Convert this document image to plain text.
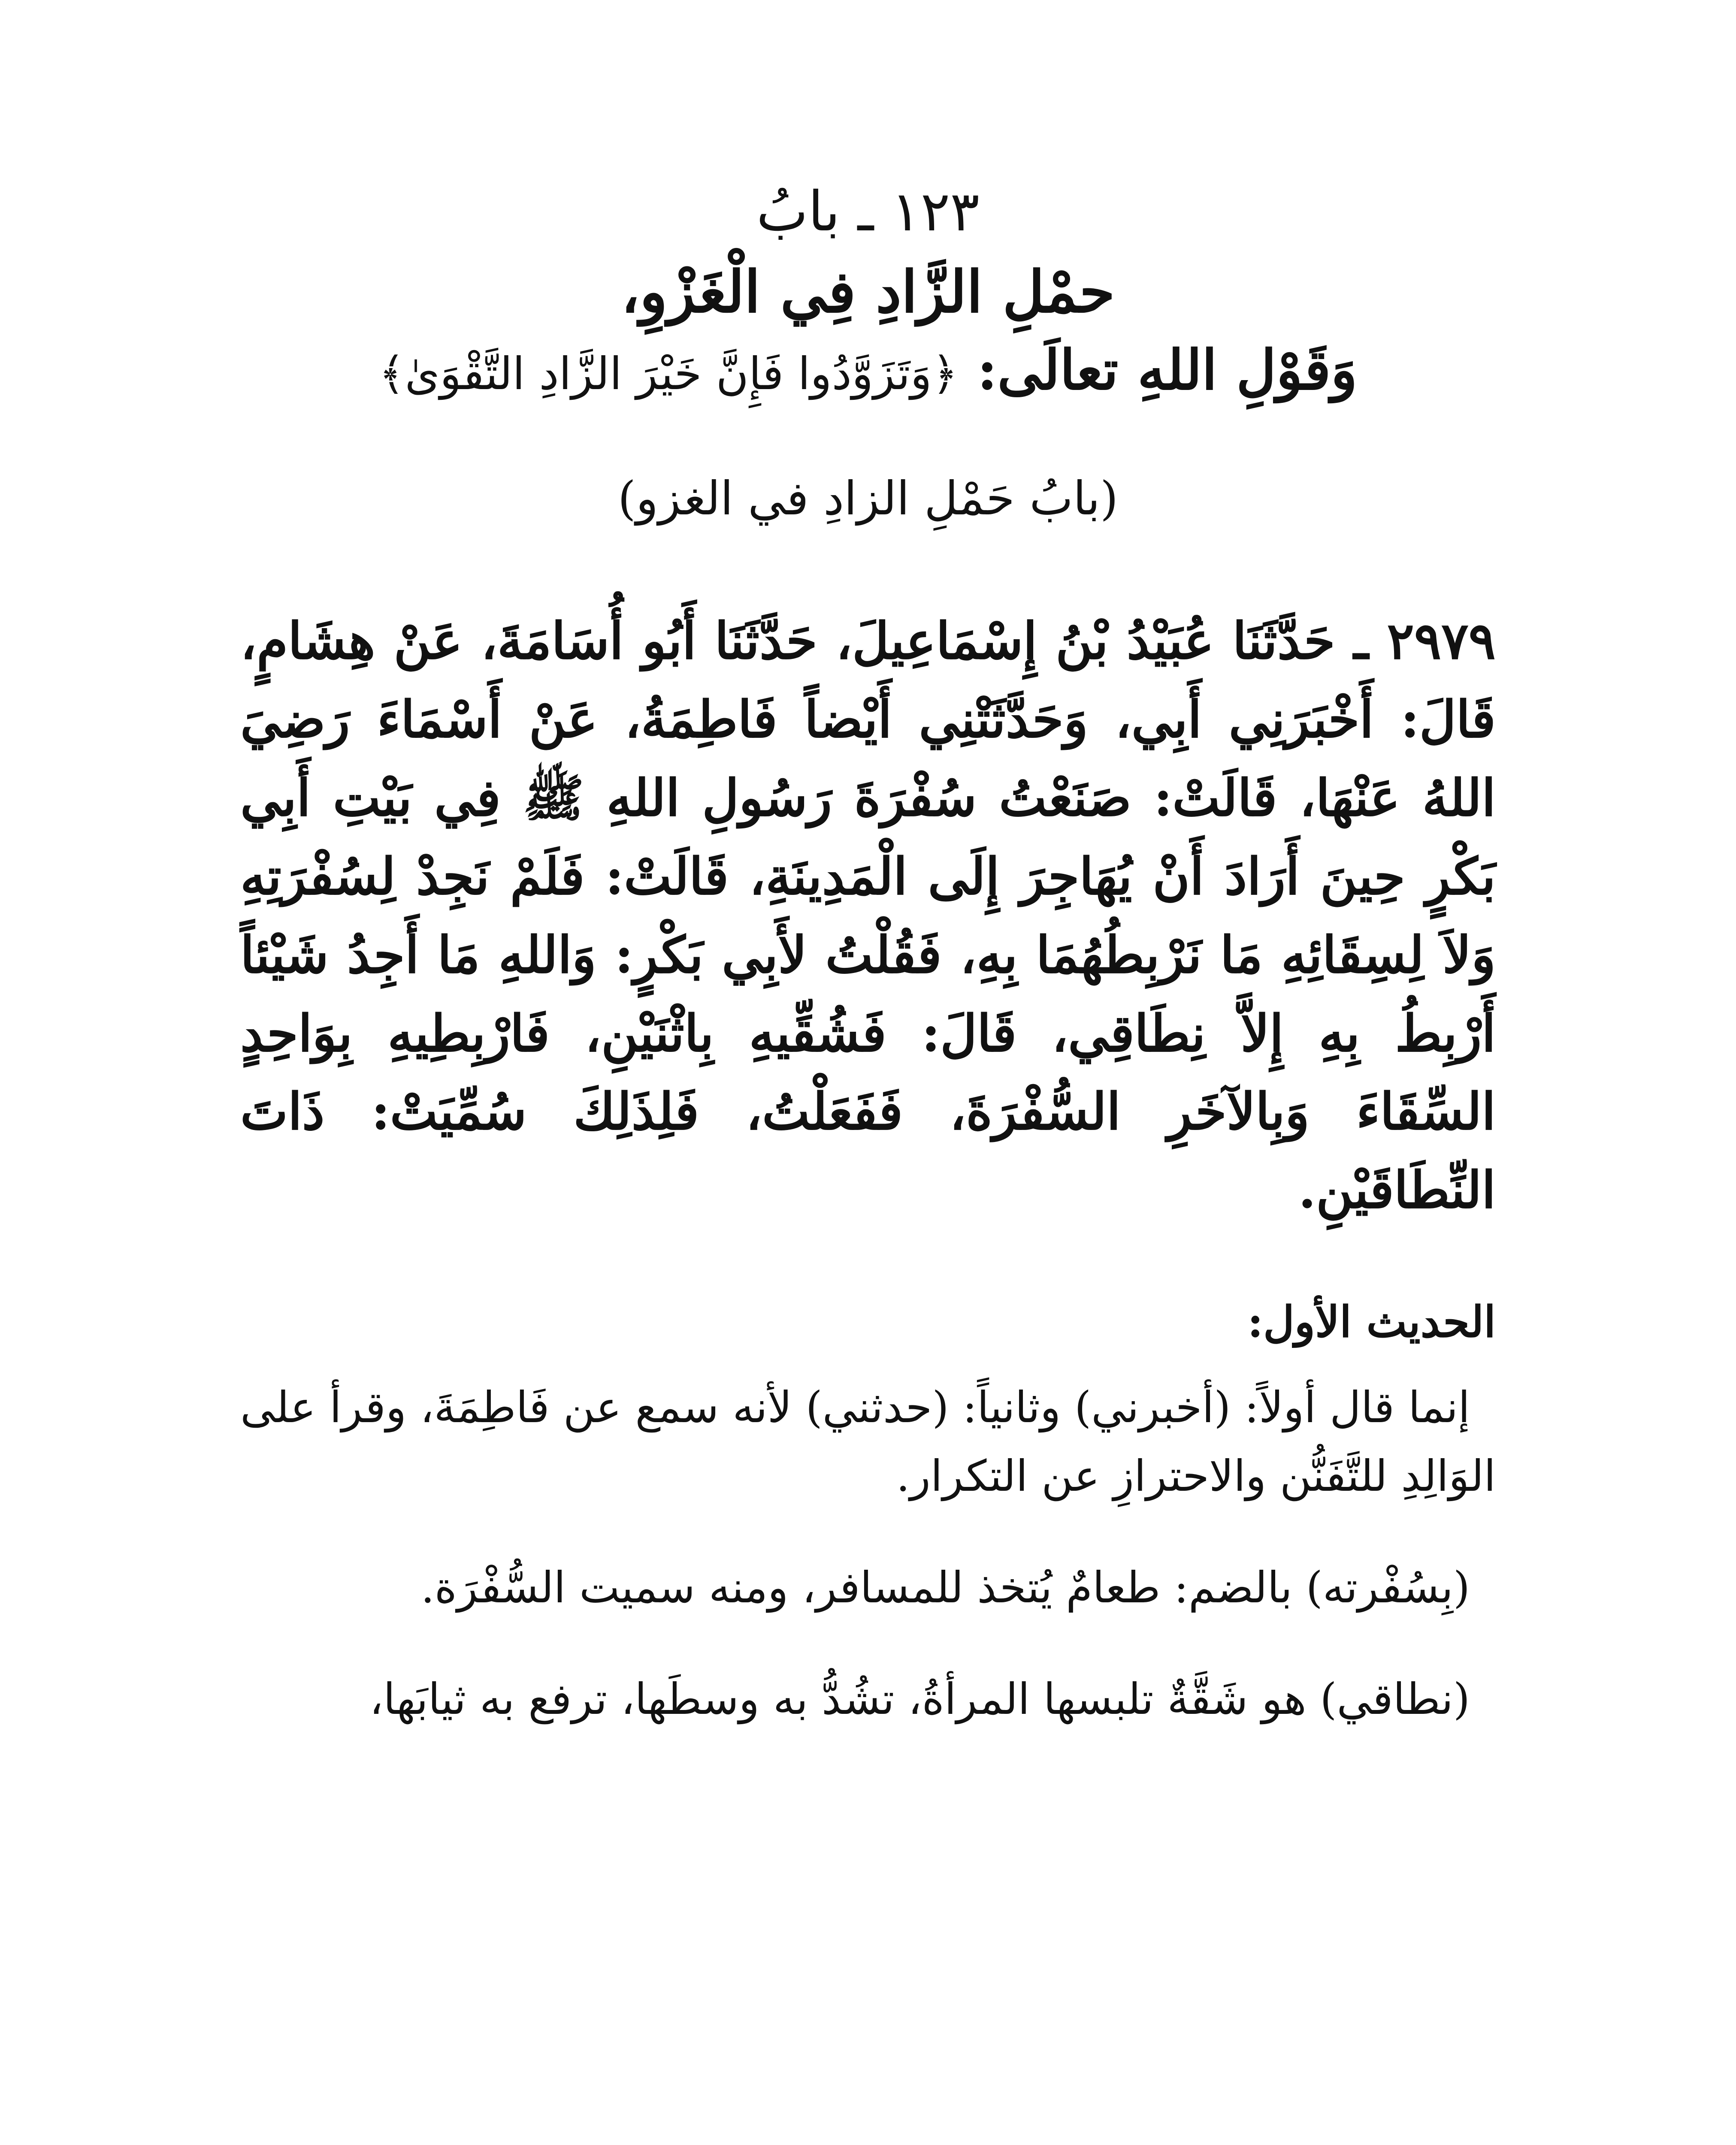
١٢٣ ـ بابُ
حمْلِ الزَّادِ فِي الْغَزْوِ،
وَقَوْلِ اللهِ تعالَى: ﴿وَتَزَوَّدُوا فَإِنَّ خَيْرَ الزَّادِ التَّقْوَىٰ﴾
(بابُ حَمْلِ الزادِ في الغزو)

٢٩٧٩ ـ حَدَّثَنَا عُبَيْدُ بْنُ إِسْمَاعِيلَ، حَدَّثَنَا أَبُو أُسَامَةَ، عَنْ هِشَامٍ، قَالَ: أَخْبَرَنِي أَبِي، وَحَدَّثَتْنِي أَيْضاً فَاطِمَةُ، عَنْ أَسْمَاءَ رَضِيَ اللهُ عَنْهَا، قَالَتْ: صَنَعْتُ سُفْرَةَ رَسُولِ اللهِ ﷺ فِي بَيْتِ أَبِي بَكْرٍ حِينَ أَرَادَ أَنْ يُهَاجِرَ إِلَى الْمَدِينَةِ، قَالَتْ: فَلَمْ نَجِدْ لِسُفْرَتِهِ وَلاَ لِسِقَائِهِ مَا نَرْبِطُهُمَا بِهِ، فَقُلْتُ لأَبِي بَكْرٍ: وَاللهِ مَا أَجِدُ شَيْئاً أَرْبِطُ بِهِ إِلاَّ نِطَاقِي، قَالَ: فَشُقِّيهِ بِاثْنَيْنِ، فَارْبِطِيهِ بِوَاحِدٍ السِّقَاءَ وَبِالآخَرِ السُّفْرَةَ، فَفَعَلْتُ، فَلِذَلِكَ سُمِّيَتْ: ذَاتَ النِّطَاقَيْنِ.

الحديث الأول:

إنما قال أولاً: (أخبرني) وثانياً: (حدثني) لأنه سمع عن فَاطِمَةَ، وقرأ على الوَالِدِ للتَّفَنُّن والاحترازِ عن التكرار.

(بِسُفْرته) بالضم: طعامٌ يُتخذ للمسافر، ومنه سميت السُّفْرَة.

(نطاقي) هو شَقَّةٌ تلبسها المرأةُ، تشُدُّ به وسطَها، ترفع به ثيابَها،
